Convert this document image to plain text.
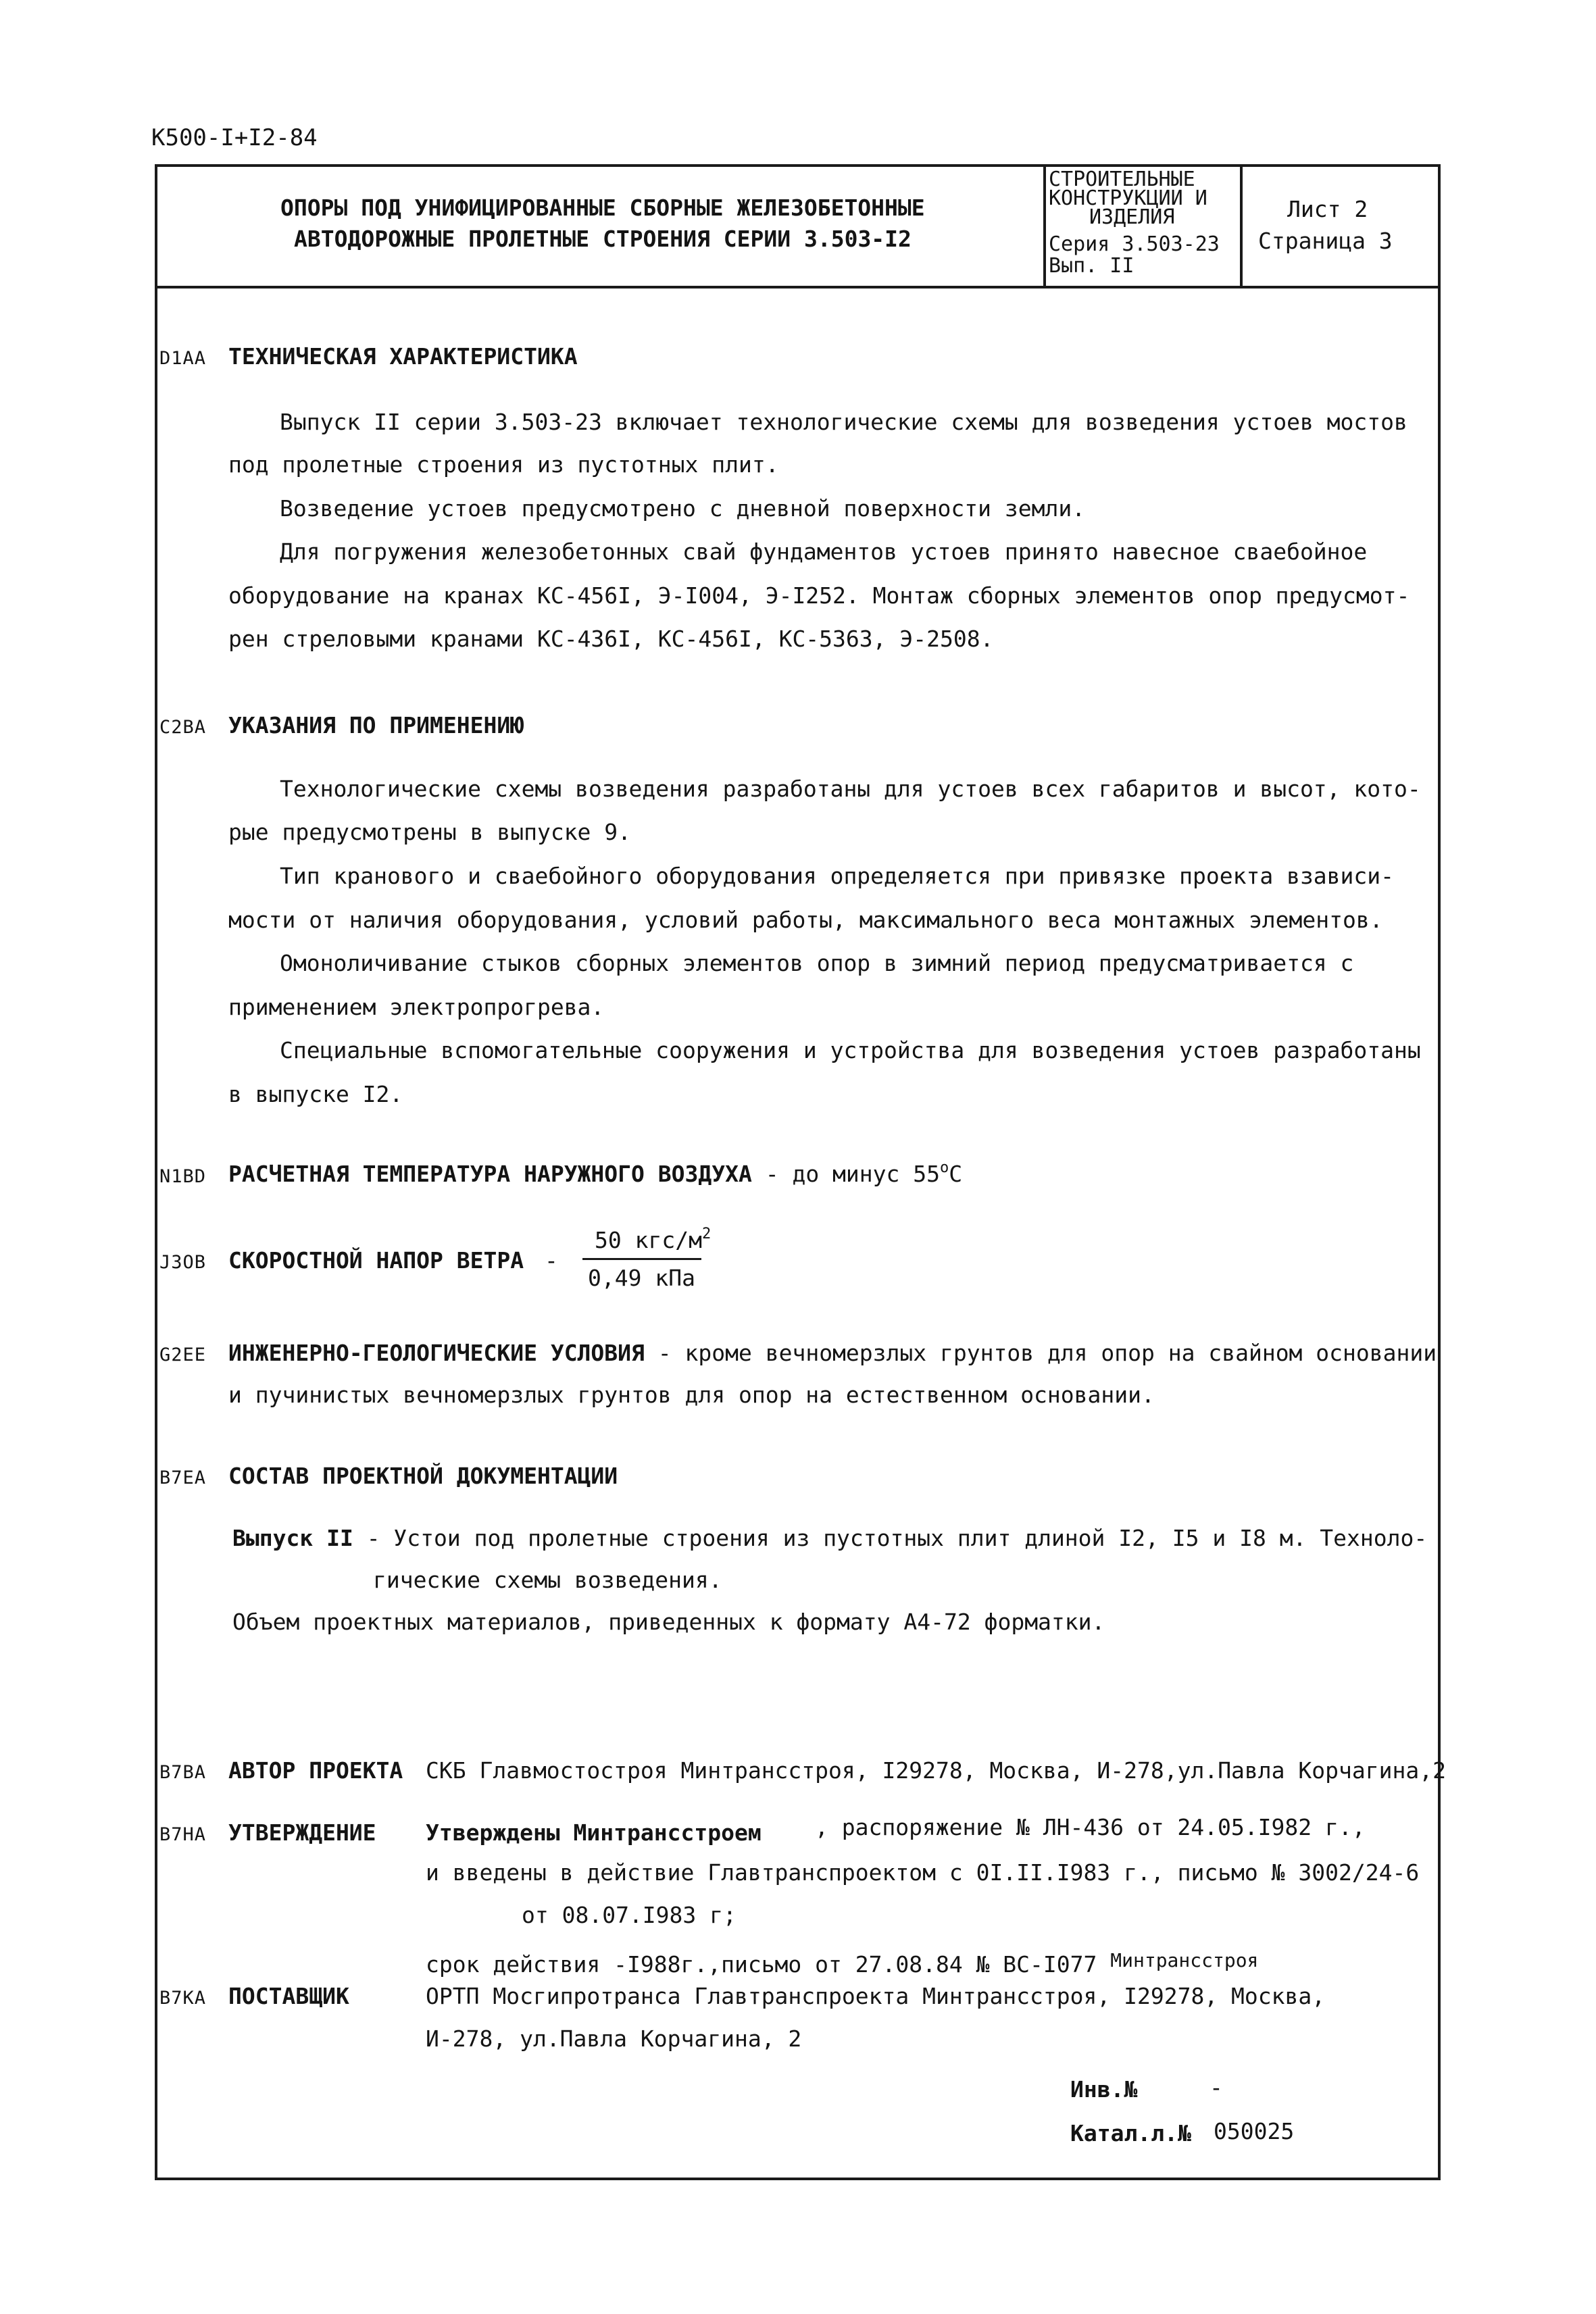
К500-I+I2-84
ОПОРЫ ПОД УНИФИЦИРОВАННЫЕ СБОРНЫЕ ЖЕЛЕЗОБЕТОННЫЕ
АВТОДОРОЖНЫЕ ПРОЛЕТНЫЕ СТРОЕНИЯ СЕРИИ 3.503-I2
СТРОИТЕЛЬНЫЕ
КОНСТРУКЦИИ И
ИЗДЕЛИЯ
Серия 3.503-23
Вып. II
Лист 2
Страница 3
D1AA ТЕХНИЧЕСКАЯ ХАРАКТЕРИСТИКА
Выпуск II серии 3.503-23 включает технологические схемы для возведения устоев мостов
под пролетные строения из пустотных плит.
Возведение устоев предусмотрено с дневной поверхности земли.
Для погружения железобетонных свай фундаментов устоев принято навесное сваебойное
оборудование на кранах КС-456I, Э-I004, Э-I252. Монтаж сборных элементов опор предусмот-
рен стреловыми кранами КС-436I, КС-456I, КС-5363, Э-2508.
C2BA УКАЗАНИЯ ПО ПРИМЕНЕНИЮ
Технологические схемы возведения разработаны для устоев всех габаритов и высот, кото-
рые предусмотрены в выпуске 9.
Тип кранового и сваебойного оборудования определяется при привязке проекта взависи-
мости от наличия оборудования, условий работы, максимального веса монтажных элементов.
Омоноличивание стыков сборных элементов опор в зимний период предусматривается с
применением электропрогрева.
Специальные вспомогательные сооружения и устройства для возведения устоев разработаны
в выпуске I2.
N1BD РАСЧЕТНАЯ ТЕМПЕРАТУРА НАРУЖНОГО ВОЗДУХА - до минус $55^оС$
J3OB СКОРОСТНОЙ НАПОР ВЕТРА -
50 кгс/$м^2$
0,49 кПа
G2EE ИНЖЕНЕРНО-ГЕОЛОГИЧЕСКИЕ УСЛОВИЯ - кроме вечномерзлых грунтов для опор на свайном основании
и пучинистых вечномерзлых грунтов для опор на естественном основании.
B7EA СОСТАВ ПРОЕКТНОЙ ДОКУМЕНТАЦИИ
Выпуск II - Устои под пролетные строения из пустотных плит длиной I2, I5 и I8 м. Техноло-
гические схемы возведения.
Объем проектных материалов, приведенных к формату А4-72 форматки.
B7BA АВТОР ПРОЕКТА СКБ Главмостостроя Минтрансстроя, I29278, Москва, И-278,ул.Павла Корчагина,2
B7HA УТВЕРЖДЕНИЕ Утверждены Минтрансстроем , распоряжение № ЛН-436 от 24.05.I982 г.,
и введены в действие Главтранспроектом с 0I.II.I983 г., письмо № 3002/24-6
от 08.07.I983 г;
срок действия -I988г.,письмо от 27.08.84 № ВС-I077 $^{Минтрансстроя}$
B7KA ПОСТАВЩИК	ОРТП Мосгипротранса Главтранспроекта Минтрансстроя, I29278, Москва,
И-278, ул.Павла Корчагина, 2
Инв.№	-
Катал.л.№ 050025
